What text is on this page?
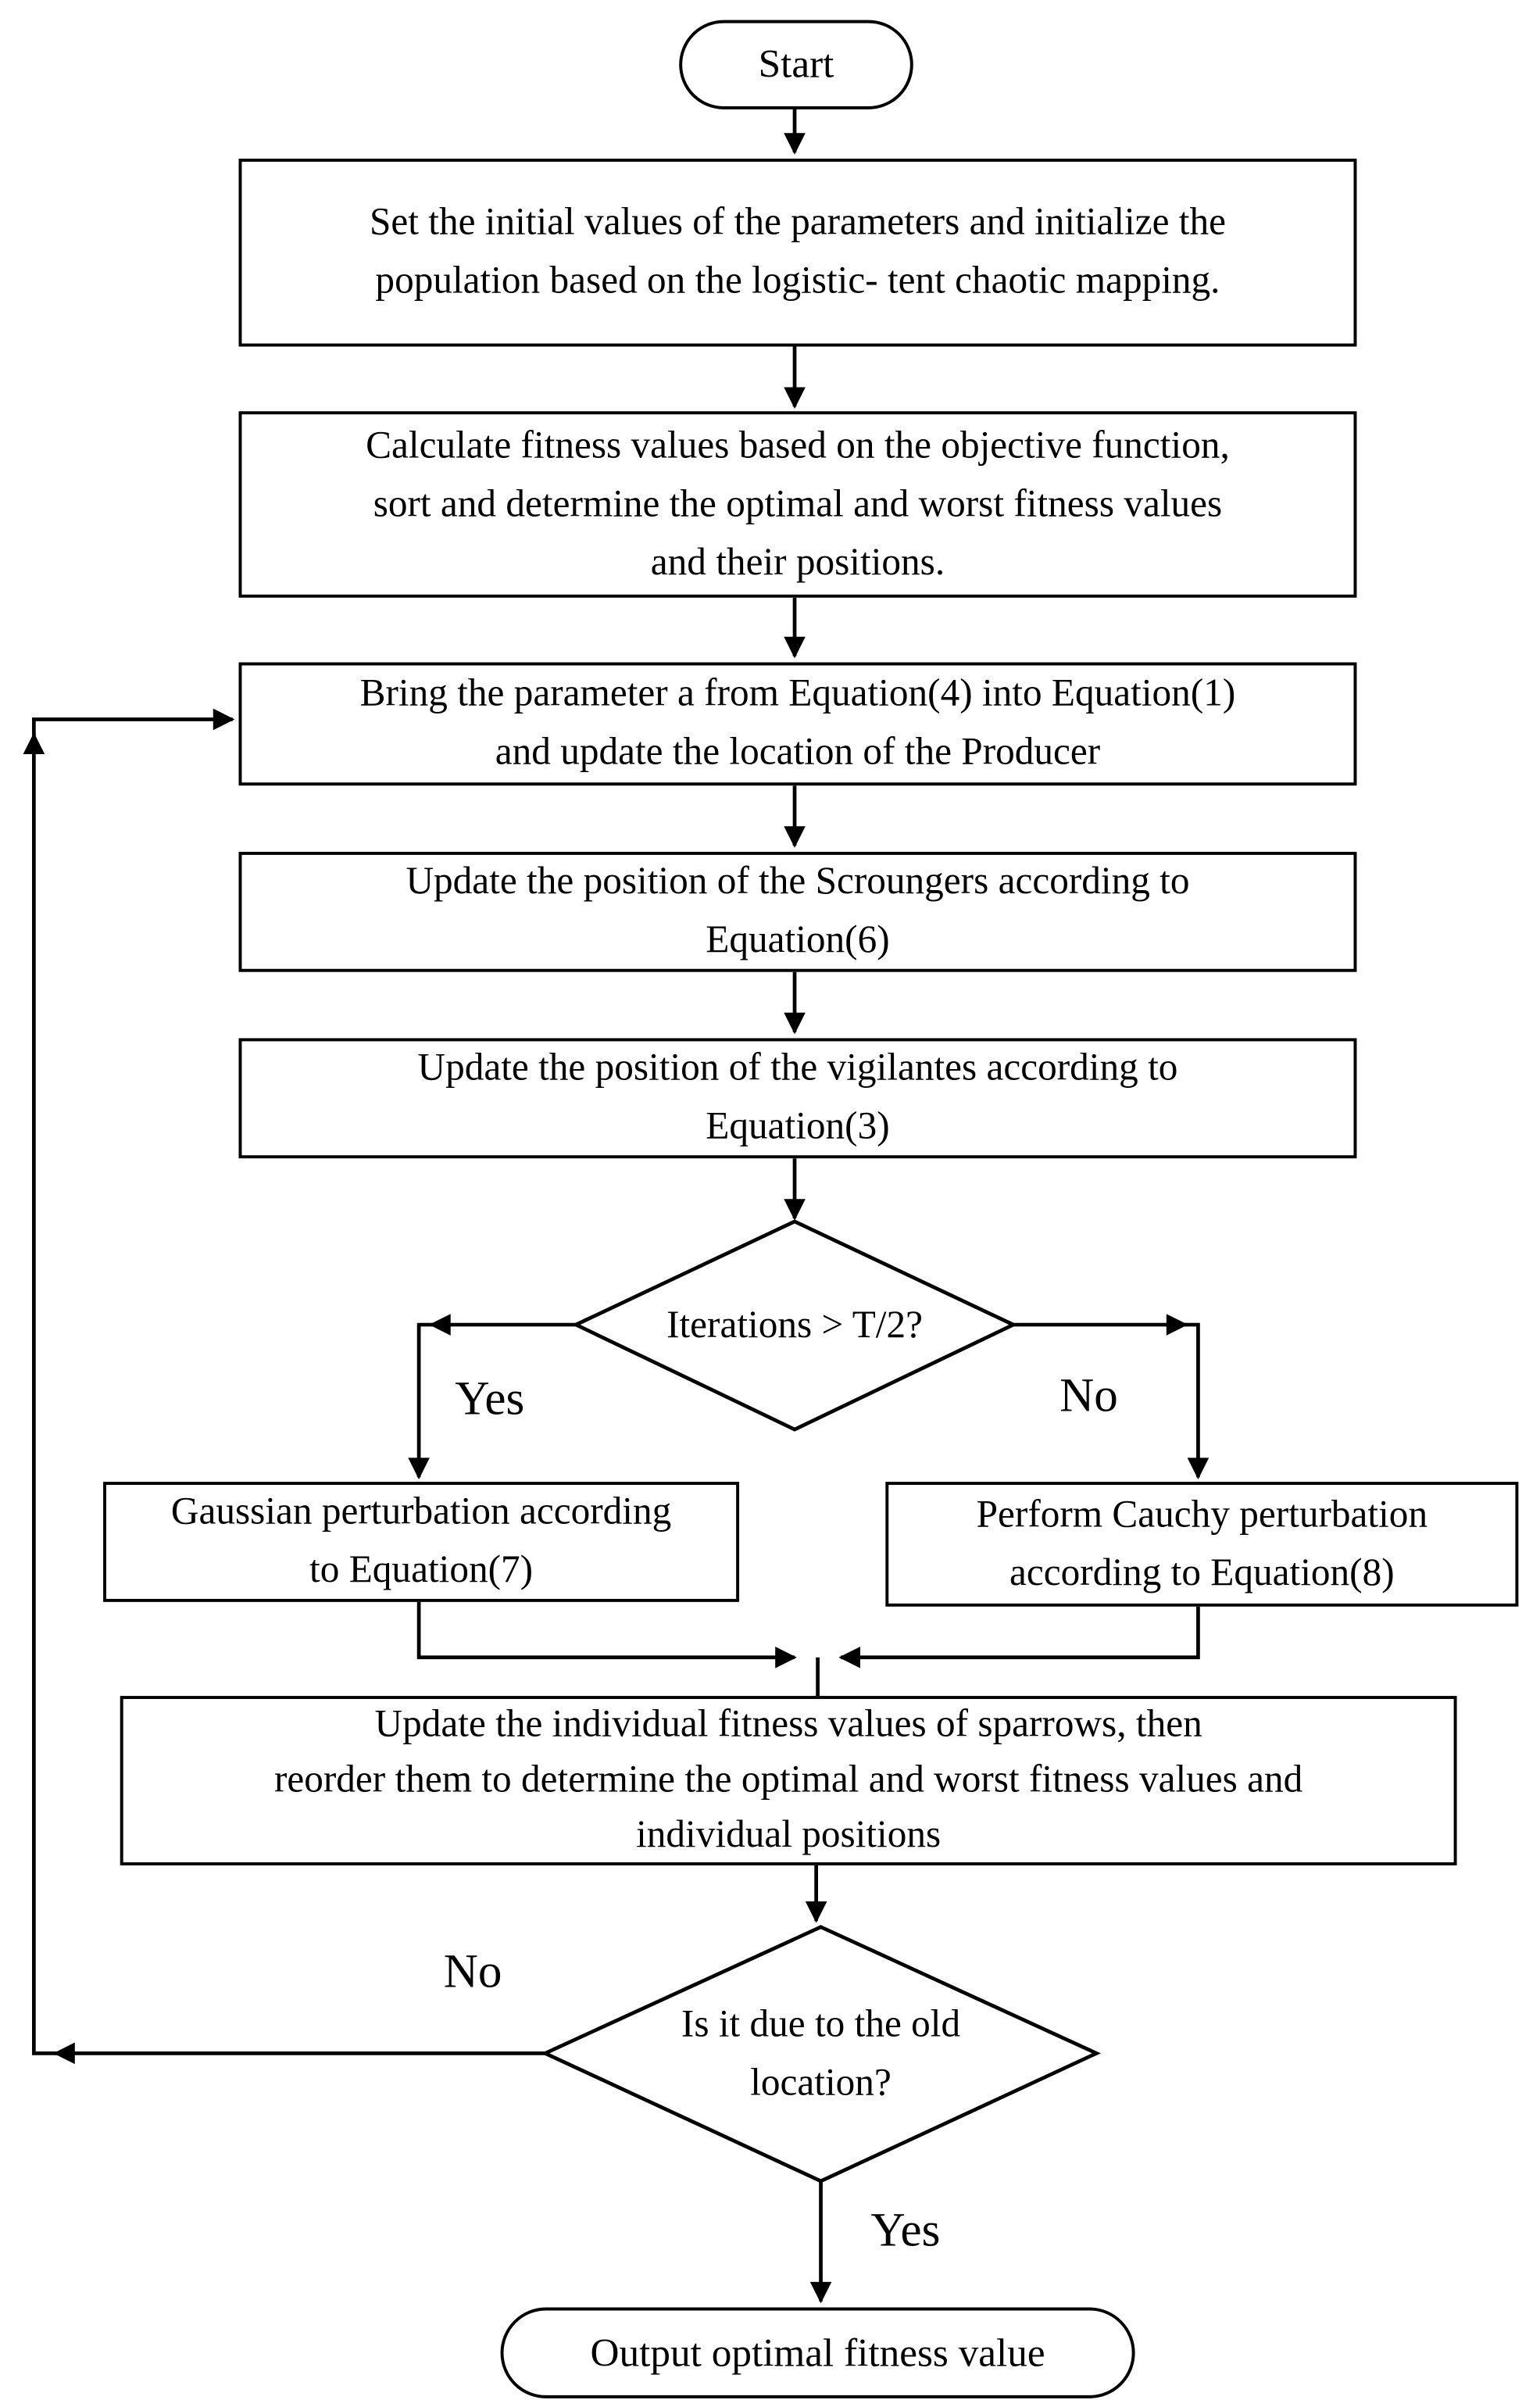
Start
Set the initial values of the parameters and initialize the
population based on the logistic- tent chaotic mapping.
Calculate fitness values based on the objective function,
sort and determine the optimal and worst fitness values
and their positions.
Bring the parameter a from Equation(4) into Equation(1)
and update the location of the Producer
Update the position of the Scroungers according to
Equation(6)
Update the position of the vigilantes according to
Equation(3)
Iterations > T/2?
Gaussian perturbation according
to Equation(7)
Perform Cauchy perturbation
according to Equation(8)
Update the individual fitness values of sparrows, then
reorder them to determine the optimal and worst fitness values and
individual positions
Is it due to the old
location?
Output optimal fitness value
Yes	No
No
Yes
